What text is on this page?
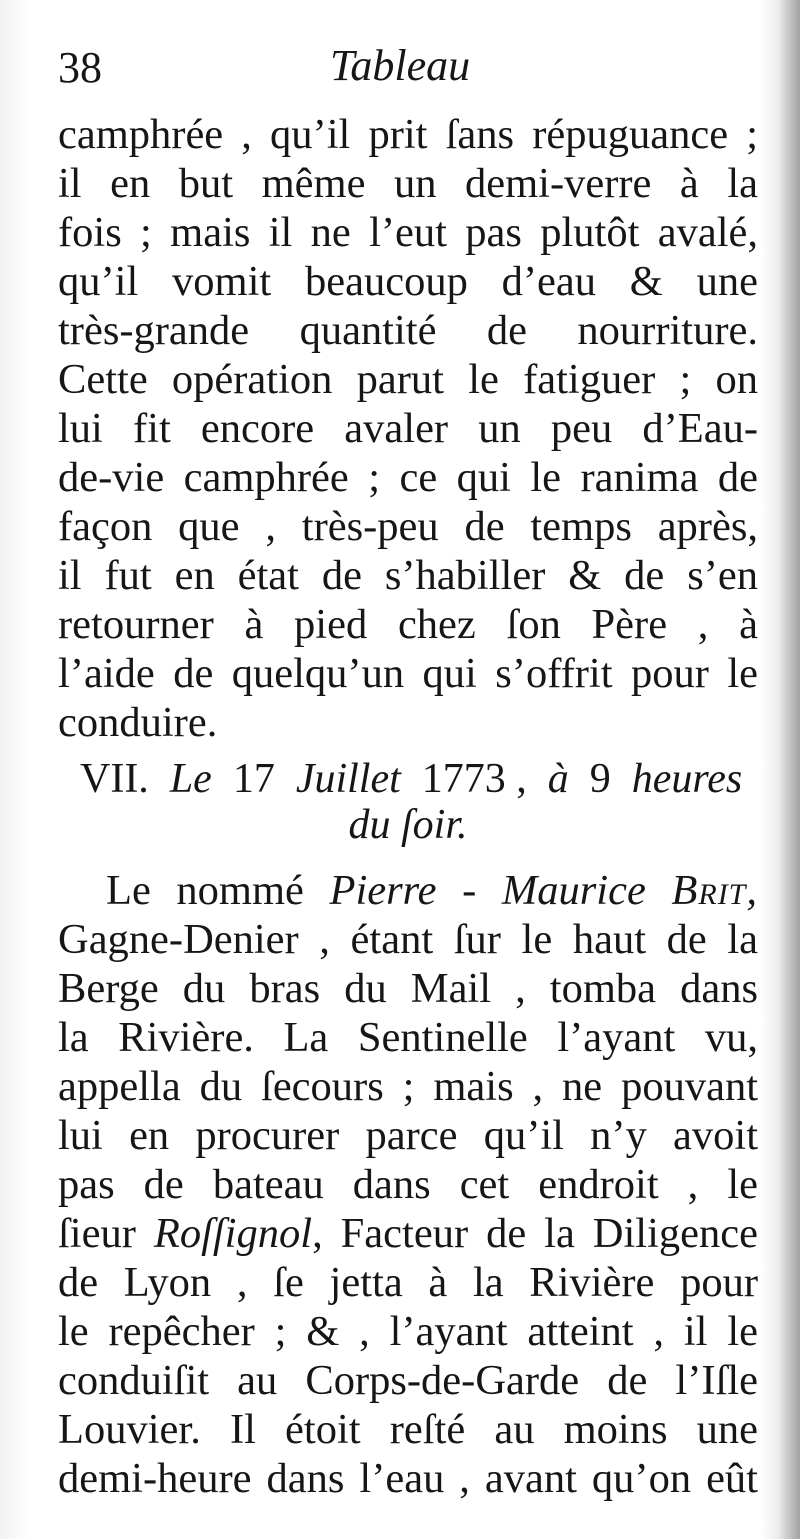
38	Tableau
camphrée , qu’il prit ſans répuguance ;
il en but même un demi-verre à la
fois ; mais il ne l’eut pas plutôt avalé,
qu’il vomit beaucoup d’eau & une
très-grande quantité de nourriture.
Cette opération parut le fatiguer ; on
lui fit encore avaler un peu d’Eau-
de-vie camphrée ; ce qui le ranima de
façon que , très-peu de temps après,
il fut en état de s’habiller & de s’en
retourner à pied chez ſon Père , à
l’aide de quelqu’un qui s’offrit pour le
conduire.
VII. Le 17 Juillet 1773 , à 9 heures
du ſoir.
Le nommé Pierre - Maurice Brit,
Gagne-Denier , étant ſur le haut de la
Berge du bras du Mail , tomba dans
la Rivière. La Sentinelle l’ayant vu,
appella du ſecours ; mais , ne pouvant
lui en procurer parce qu’il n’y avoit
pas de bateau dans cet endroit , le
ſieur Roſſignol, Facteur de la Diligence
de Lyon , ſe jetta à la Rivière pour
le repêcher ; & , l’ayant atteint , il le
conduiſit au Corps-de-Garde de l’Iſle
Louvier. Il étoit reſté au moins une
demi-heure dans l’eau , avant qu’on eût
